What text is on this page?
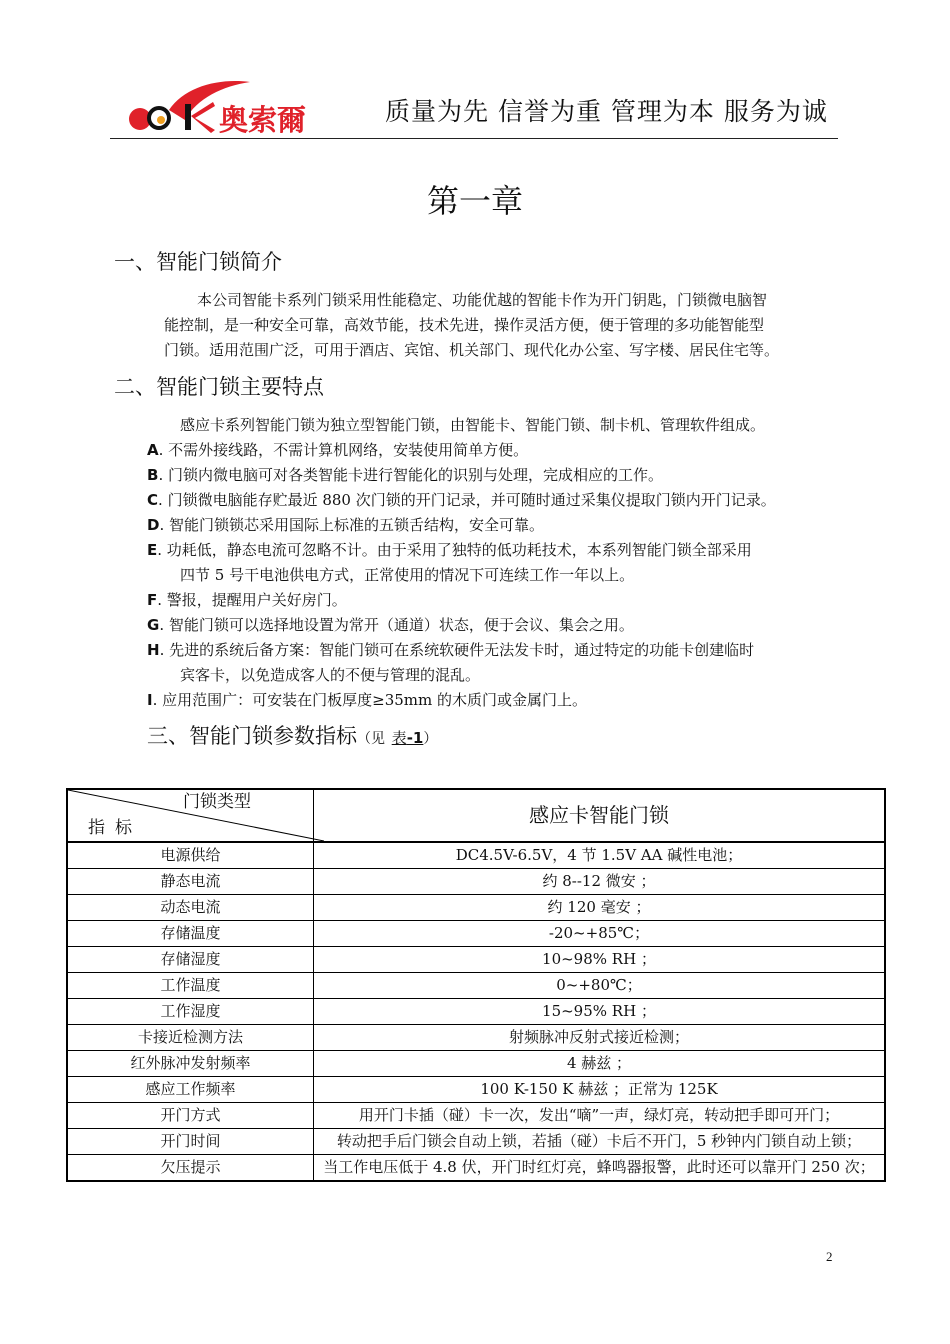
奥索爾	质量为先 信誉为重 管理为本 服务为诚
第一章
一、智能门锁简介
本公司智能卡系列门锁采用性能稳定、功能优越的智能卡作为开门钥匙，门锁微电脑智
能控制，是一种安全可靠，高效节能，技术先进，操作灵活方便，便于管理的多功能智能型
门锁。适用范围广泛，可用于酒店、宾馆、机关部门、现代化办公室、写字楼、居民住宅等。
二、智能门锁主要特点
感应卡系列智能门锁为独立型智能门锁，由智能卡、智能门锁、制卡机、管理软件组成。
A. 不需外接线路，不需计算机网络，安装使用简单方便。
B. 门锁内微电脑可对各类智能卡进行智能化的识别与处理，完成相应的工作。
C. 门锁微电脑能存贮最近 880 次门锁的开门记录，并可随时通过采集仪提取门锁内开门记录。
D. 智能门锁锁芯采用国际上标准的五锁舌结构，安全可靠。
E. 功耗低，静态电流可忽略不计。由于采用了独特的低功耗技术，本系列智能门锁全部采用
四节 5 号干电池供电方式，正常使用的情况下可连续工作一年以上。
F. 警报，提醒用户关好房门。
G. 智能门锁可以选择地设置为常开（通道）状态，便于会议、集会之用。
H. 先进的系统后备方案：智能门锁可在系统软硬件无法发卡时，通过特定的功能卡创建临时
宾客卡，以免造成客人的不便与管理的混乱。
I. 应用范围广：可安装在门板厚度≥35mm 的木质门或金属门上。
三、智能门锁参数指标（见 表-1）
门锁类型
指标	感应卡智能门锁
电源供给	DC4.5V-6.5V，4 节 1.5V AA 碱性电池；
静态电流	约 8--12 微安 ；
动态电流	约 120 毫安 ；
存储温度	-20~+85℃；
存储湿度	10~98% RH ；
工作温度	0~+80℃；
工作湿度	15~95% RH ；
卡接近检测方法	射频脉冲反射式接近检测；
红外脉冲发射频率	4 赫兹 ；
感应工作频率	100 K-150 K 赫兹 ；正常为 125K
开门方式	用开门卡插（碰）卡一次，发出“嘀”一声，绿灯亮，转动把手即可开门；
开门时间	转动把手后门锁会自动上锁，若插（碰）卡后不开门，5 秒钟内门锁自动上锁；
欠压提示	当工作电压低于 4.8 伏，开门时红灯亮，蜂鸣器报警，此时还可以靠开门 250 次；
2
